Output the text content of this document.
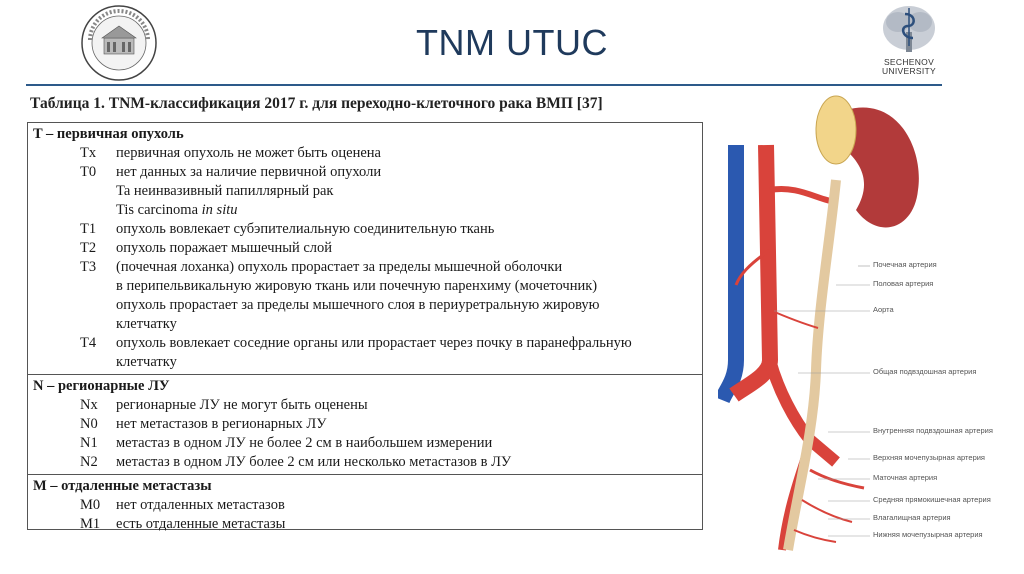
TNM UTUC	SECHENOV
UNIVERSITY
Таблица 1. TNM-классификация 2017 г. для переходно-клеточного рака ВМП [37]
T – первичная опухоль
Tx	первичная опухоль не может быть оценена
T0	нет данных за наличие первичной опухоли
Ta неинвазивный папиллярный рак
Tis carcinoma in situ
T1	опухоль вовлекает субэпителиальную соединительную ткань
T2	опухоль поражает мышечный слой
T3	(почечная лоханка) опухоль прорастает за пределы мышечной оболочки
в перипельвикальную жировую ткань или почечную паренхиму (мочеточник)
опухоль прорастает за пределы мышечного слоя в периуретральную жировую
клетчатку
T4	опухоль вовлекает соседние органы или прорастает через почку в паранефральную
клетчатку
N – регионарные ЛУ
Nx	регионарные ЛУ не могут быть оценены
N0	нет метастазов в регионарных ЛУ
N1	метастаз в одном ЛУ не более 2 см в наибольшем измерении
N2	метастаз в одном ЛУ более 2 см или несколько метастазов в ЛУ
M – отдаленные метастазы
M0	нет отдаленных метастазов
M1	есть отдаленные метастазы
Почечная артерия
Половая артерия
Аорта
Общая подвздошная артерия
Внутренняя подвздошная артерия
Верхняя мочепузырная артерия
Маточная артерия
Средняя прямокишечная артерия
Влагалищная артерия
Нижняя мочепузырная артерия
